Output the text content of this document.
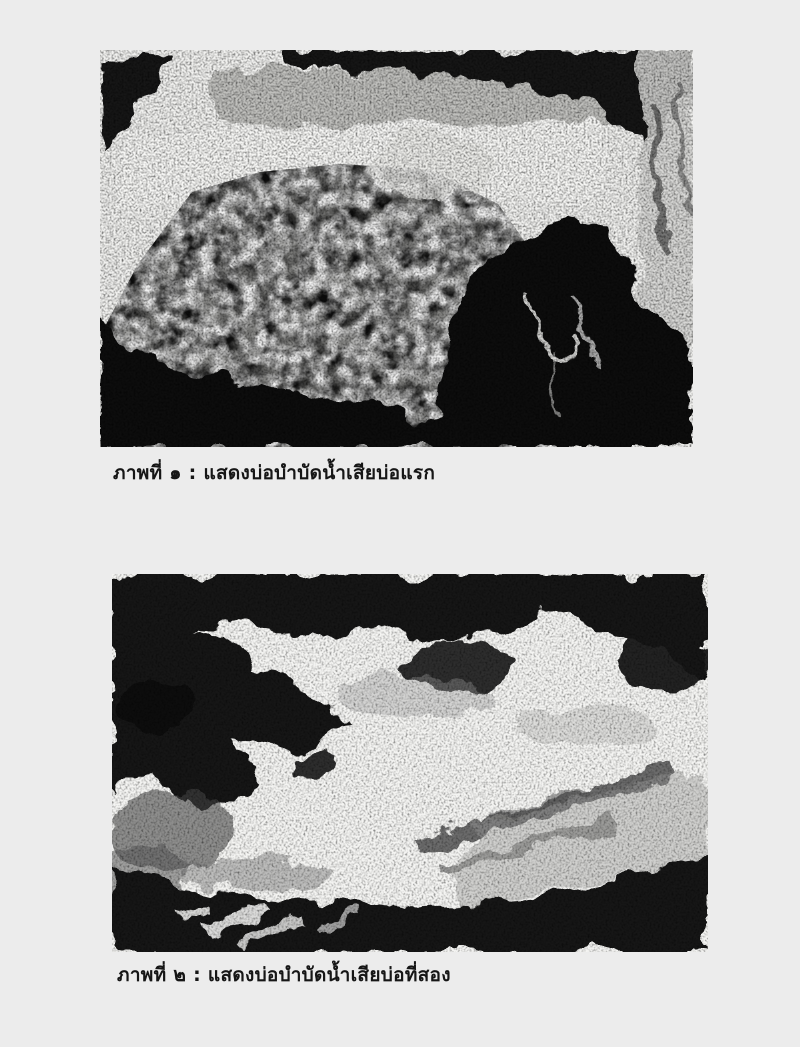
ภาพที่ ๑ : แสดงบ่อบำบัดน้ำเสียบ่อแรก
ภาพที่ ๒ : แสดงบ่อบำบัดน้ำเสียบ่อที่สอง
